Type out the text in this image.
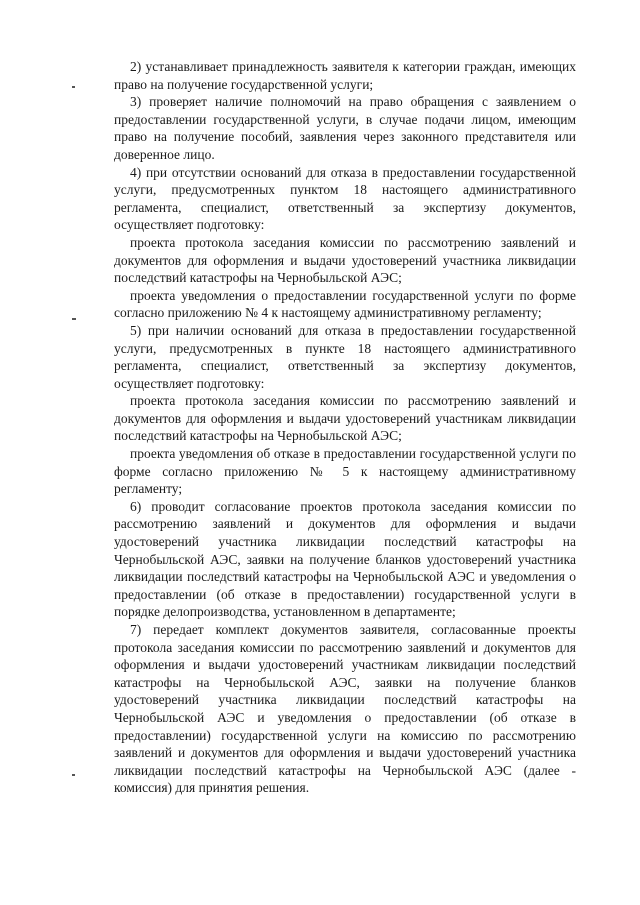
2) устанавливает принадлежность заявителя к категории граждан, имеющих право на получение государственной услуги;

3) проверяет наличие полномочий на право обращения с заявлением о предоставлении государственной услуги, в случае подачи лицом, имеющим право на получение пособий, заявления через законного представителя или доверенное лицо.

4) при отсутствии оснований для отказа в предоставлении государственной услуги, предусмотренных пунктом 18 настоящего административного регламента, специалист, ответственный за экспертизу документов, осуществляет подготовку:

проекта протокола заседания комиссии по рассмотрению заявлений и документов для оформления и выдачи удостоверений участника ликвидации последствий катастрофы на Чернобыльской АЭС;

проекта уведомления о предоставлении государственной услуги по форме согласно приложению № 4 к настоящему административному регламенту;

5) при наличии оснований для отказа в предоставлении государственной услуги, предусмотренных в пункте 18 настоящего административного регламента, специалист, ответственный за экспертизу документов, осуществляет подготовку:

проекта протокола заседания комиссии по рассмотрению заявлений и документов для оформления и выдачи удостоверений участникам ликвидации последствий катастрофы на Чернобыльской АЭС;

проекта уведомления об отказе в предоставлении государственной услуги по форме согласно приложению № 5 к настоящему административному регламенту;

6) проводит согласование проектов протокола заседания комиссии по рассмотрению заявлений и документов для оформления и выдачи удостоверений участника ликвидации последствий катастрофы на Чернобыльской АЭС, заявки на получение бланков удостоверений участника ликвидации последствий катастрофы на Чернобыльской АЭС и уведомления о предоставлении (об отказе в предоставлении) государственной услуги в порядке делопроизводства, установленном в департаменте;

7) передает комплект документов заявителя, согласованные проекты протокола заседания комиссии по рассмотрению заявлений и документов для оформления и выдачи удостоверений участникам ликвидации последствий катастрофы на Чернобыльской АЭС, заявки на получение бланков удостоверений участника ликвидации последствий катастрофы на Чернобыльской АЭС и уведомления о предоставлении (об отказе в предоставлении) государственной услуги на комиссию по рассмотрению заявлений и документов для оформления и выдачи удостоверений участника ликвидации последствий катастрофы на Чернобыльской АЭС (далее - комиссия) для принятия решения.
